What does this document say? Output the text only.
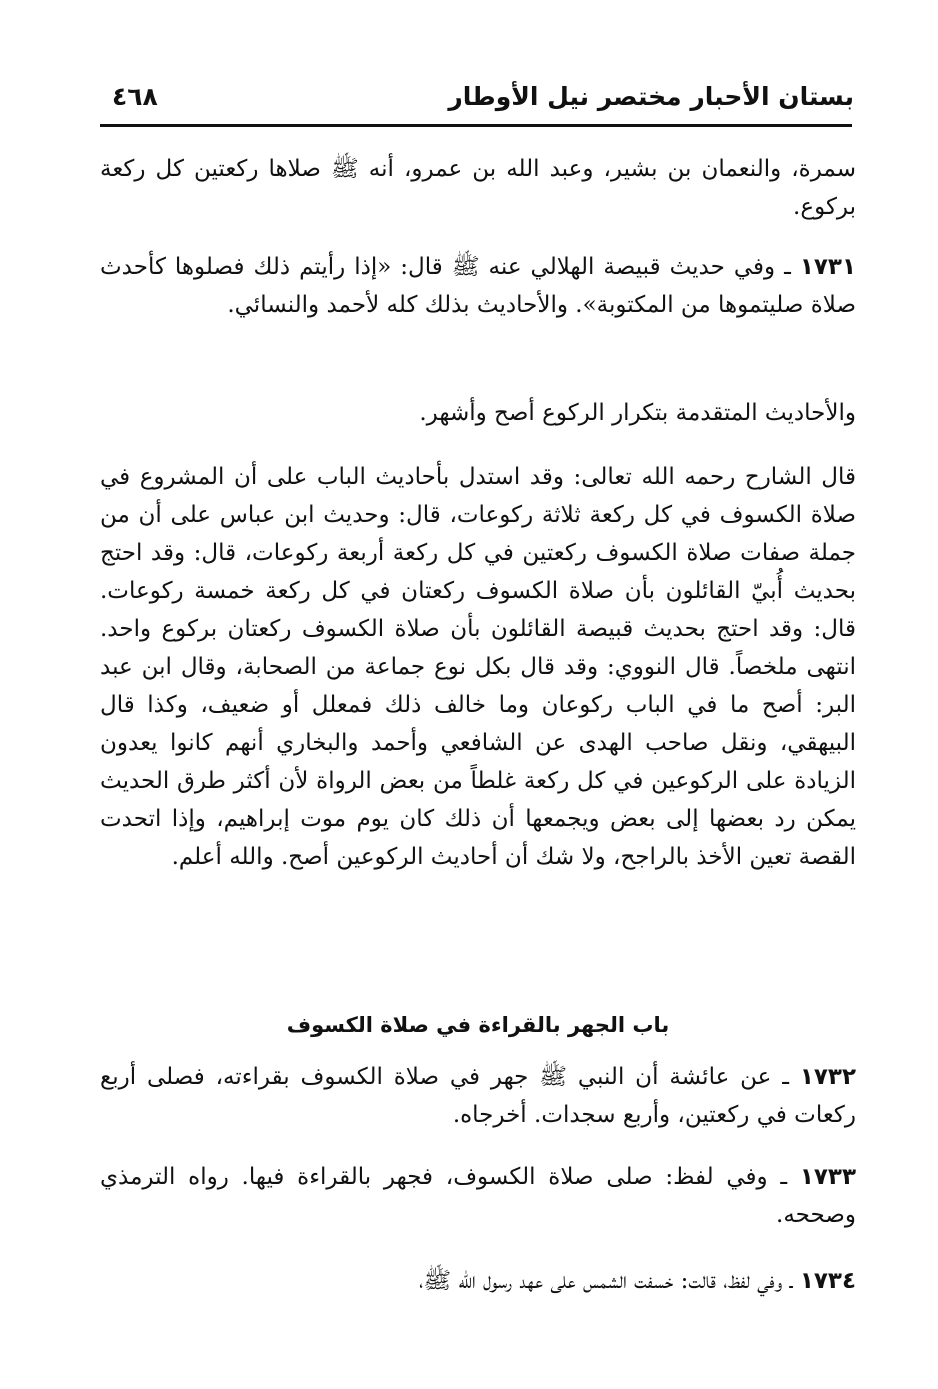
بستان الأحبار مختصر نيل الأوطار
٤٦٨
سمرة، والنعمان بن بشير، وعبد الله بن عمرو، أنه ﷺ صلاها ركعتين كل ركعة بركوع.
١٧٣١ ـ وفي حديث قبيصة الهلالي عنه ﷺ قال: «إذا رأيتم ذلك فصلوها كأحدث صلاة صليتموها من المكتوبة». والأحاديث بذلك كله لأحمد والنسائي.
والأحاديث المتقدمة بتكرار الركوع أصح وأشهر.
قال الشارح رحمه الله تعالى: وقد استدل بأحاديث الباب على أن المشروع في صلاة الكسوف في كل ركعة ثلاثة ركوعات، قال: وحديث ابن عباس على أن من جملة صفات صلاة الكسوف ركعتين في كل ركعة أربعة ركوعات، قال: وقد احتج بحديث أُبيّ القائلون بأن صلاة الكسوف ركعتان في كل ركعة خمسة ركوعات. قال: وقد احتج بحديث قبيصة القائلون بأن صلاة الكسوف ركعتان بركوع واحد. انتهى ملخصاً. قال النووي: وقد قال بكل نوع جماعة من الصحابة، وقال ابن عبد البر: أصح ما في الباب ركوعان وما خالف ذلك فمعلل أو ضعيف، وكذا قال البيهقي، ونقل صاحب الهدى عن الشافعي وأحمد والبخاري أنهم كانوا يعدون الزيادة على الركوعين في كل ركعة غلطاً من بعض الرواة لأن أكثر طرق الحديث يمكن رد بعضها إلى بعض ويجمعها أن ذلك كان يوم موت إبراهيم، وإذا اتحدت القصة تعين الأخذ بالراجح، ولا شك أن أحاديث الركوعين أصح. والله أعلم.
باب الجهر بالقراءة في صلاة الكسوف
١٧٣٢ ـ عن عائشة أن النبي ﷺ جهر في صلاة الكسوف بقراءته، فصلى أربع ركعات في ركعتين، وأربع سجدات. أخرجاه.
١٧٣٣ ـ وفي لفظ: صلى صلاة الكسوف، فجهر بالقراءة فيها. رواه الترمذي وصححه.
١٧٣٤ ـ وفي لفظ، قالت: خسفت الشمس على عهد رسول الله ﷺ،
